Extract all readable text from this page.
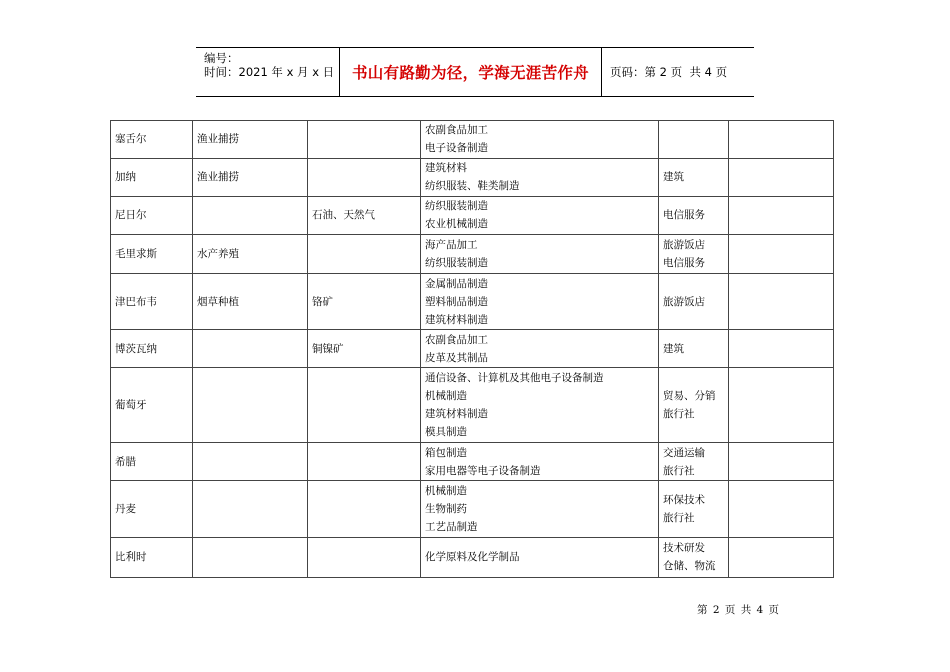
编号：
时间：2021 年 x 月 x 日	书山有路勤为径，学海无涯苦作舟	页码：第 2 页  共 4 页
塞舌尔	渔业捕捞		农副食品加工
电子设备制造		

加纳	渔业捕捞		建筑材料
纺织服装、鞋类制造	建筑	

尼日尔		石油、天然气	纺织服装制造
农业机械制造	电信服务	

毛里求斯	水产养殖		海产品加工
纺织服装制造	旅游饭店
电信服务	

津巴布韦	烟草种植	铬矿	金属制品制造
塑料制品制造
建筑材料制造	旅游饭店	

博茨瓦纳		铜镍矿	农副食品加工
皮革及其制品	建筑	

葡萄牙			通信设备、计算机及其他电子设备制造
机械制造
建筑材料制造
模具制造	贸易、分销
旅行社	

希腊			箱包制造
家用电器等电子设备制造	交通运输
旅行社	

丹麦			机械制造
生物制药
工艺品制造	环保技术
旅行社	

比利时			化学原料及化学制品	技术研发
仓储、物流	

第 2 页 共 4 页
